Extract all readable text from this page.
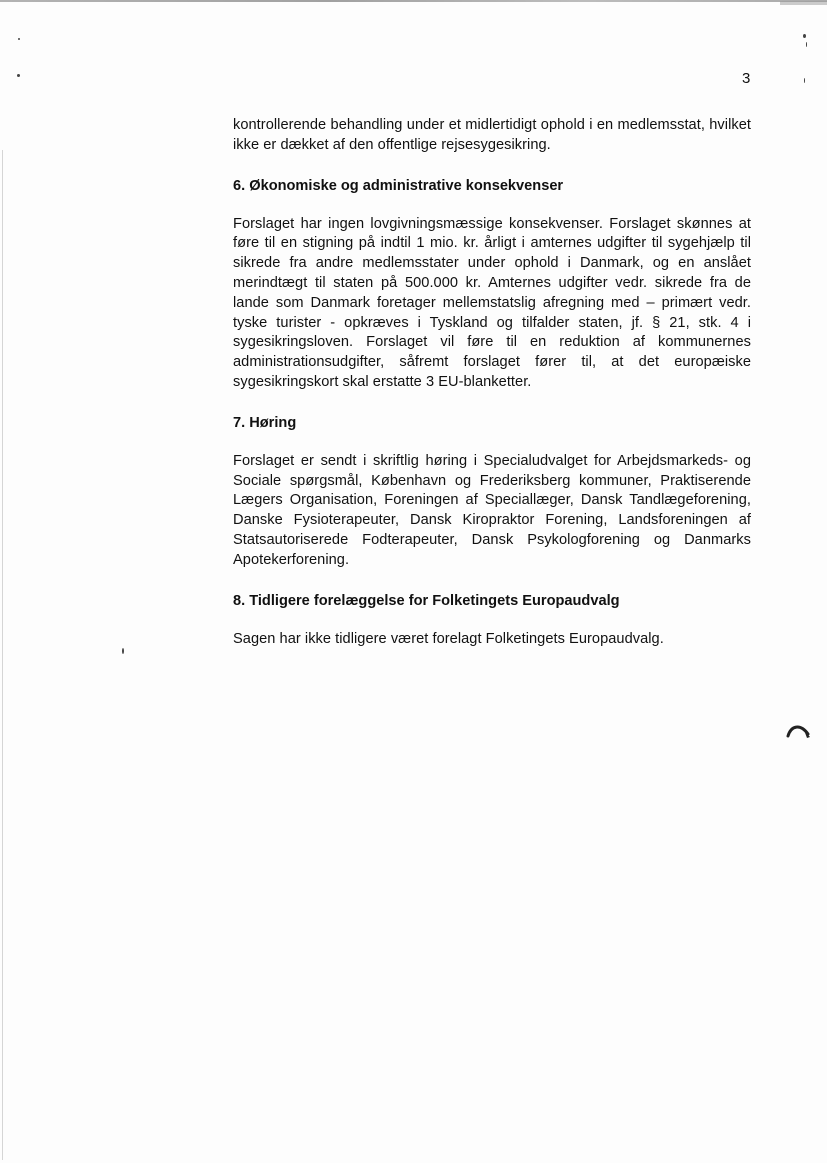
3

kontrollerende behandling under et midlertidigt ophold i en medlemsstat, hvilket ikke er dækket af den offentlige rejsesygesikring.

6. Økonomiske og administrative konsekvenser

Forslaget har ingen lovgivningsmæssige konsekvenser. Forslaget skønnes at føre til en stigning på indtil 1 mio. kr. årligt i amternes udgifter til sygehjælp til sikrede fra andre medlemsstater under ophold i Danmark, og en anslået merindtægt til staten på 500.000 kr. Amternes udgifter vedr. sikrede fra de lande som Danmark foretager mellemstatslig afregning med – primært vedr. tyske turister - opkræves i Tyskland og tilfalder staten, jf. § 21, stk. 4 i sygesikringsloven. Forslaget vil føre til en reduktion af kommunernes administrationsudgifter, såfremt forslaget fører til, at det europæiske sygesikringskort skal erstatte 3 EU-blanketter.

7. Høring

Forslaget er sendt i skriftlig høring i Specialudvalget for Arbejdsmarkeds- og Sociale spørgsmål, København og Frederiksberg kommuner, Praktiserende Lægers Organisation, Foreningen af Speciallæger, Dansk Tandlægeforening, Danske Fysioterapeuter, Dansk Kiropraktor Forening, Landsforeningen af Statsautoriserede Fodterapeuter, Dansk Psykologforening og Danmarks Apotekerforening.

8. Tidligere forelæggelse for Folketingets Europaudvalg

Sagen har ikke tidligere været forelagt Folketingets Europaudvalg.
